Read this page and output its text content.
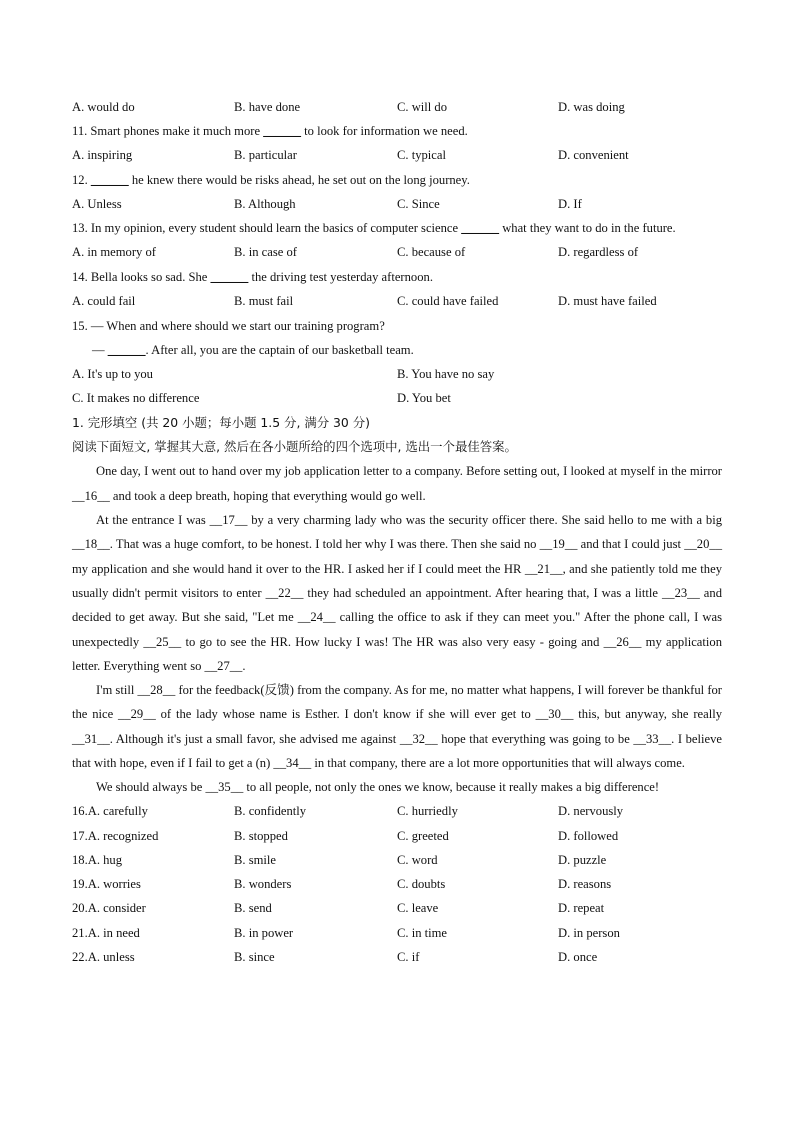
A. would do	B. have done	C. will do	D. was doing
11. Smart phones make it much more ______ to look for information we need.
A. inspiring	B. particular	C. typical	D. convenient
12. ______ he knew there would be risks ahead, he set out on the long journey.
A. Unless	B. Although	C. Since	D. If
13. In my opinion, every student should learn the basics of computer science ______ what they want to do in the future.
A. in memory of	B. in case of	C. because of	D. regardless of
14. Bella looks so sad. She ______ the driving test yesterday afternoon.
A. could fail	B. must fail	C. could have failed	D. must have failed
15. — When and where should we start our training program?
— ______. After all, you are the captain of our basketball team.
A. It's up to you	B. You have no say
C. It makes no difference	D. You bet
1. 完形填空 (共 20 小题；每小题 1.5 分, 满分 30 分)
阅读下面短文, 掌握其大意, 然后在各小题所给的四个选项中, 选出一个最佳答案。

One day, I went out to hand over my job application letter to a company. Before setting out, I looked at myself in the mirror __16__ and took a deep breath, hoping that everything would go well.

At the entrance I was __17__ by a very charming lady who was the security officer there. She said hello to me with a big __18__. That was a huge comfort, to be honest. I told her why I was there. Then she said no __19__ and that I could just __20__ my application and she would hand it over to the HR. I asked her if I could meet the HR __21__, and she patiently told me they usually didn't permit visitors to enter __22__ they had scheduled an appointment. After hearing that, I was a little __23__ and decided to get away. But she said, "Let me __24__ calling the office to ask if they can meet you." After the phone call, I was unexpectedly __25__ to go to see the HR. How lucky I was! The HR was also very easy - going and __26__ my application letter. Everything went so __27__.

I'm still __28__ for the feedback(反馈) from the company. As for me, no matter what happens, I will forever be thankful for the nice __29__ of the lady whose name is Esther. I don't know if she will ever get to __30__ this, but anyway, she really __31__. Although it's just a small favor, she advised me against __32__ hope that everything was going to be __33__. I believe that with hope, even if I fail to get a (n) __34__ in that company, there are a lot more opportunities that will always come.

We should always be __35__ to all people, not only the ones we know, because it really makes a big difference!

16.A. carefully	B. confidently	C. hurriedly	D. nervously
17.A. recognized	B. stopped	C. greeted	D. followed
18.A. hug	B. smile	C. word	D. puzzle
19.A. worries	B. wonders	C. doubts	D. reasons
20.A. consider	B. send	C. leave	D. repeat
21.A. in need	B. in power	C. in time	D. in person
22.A. unless	B. since	C. if	D. once
